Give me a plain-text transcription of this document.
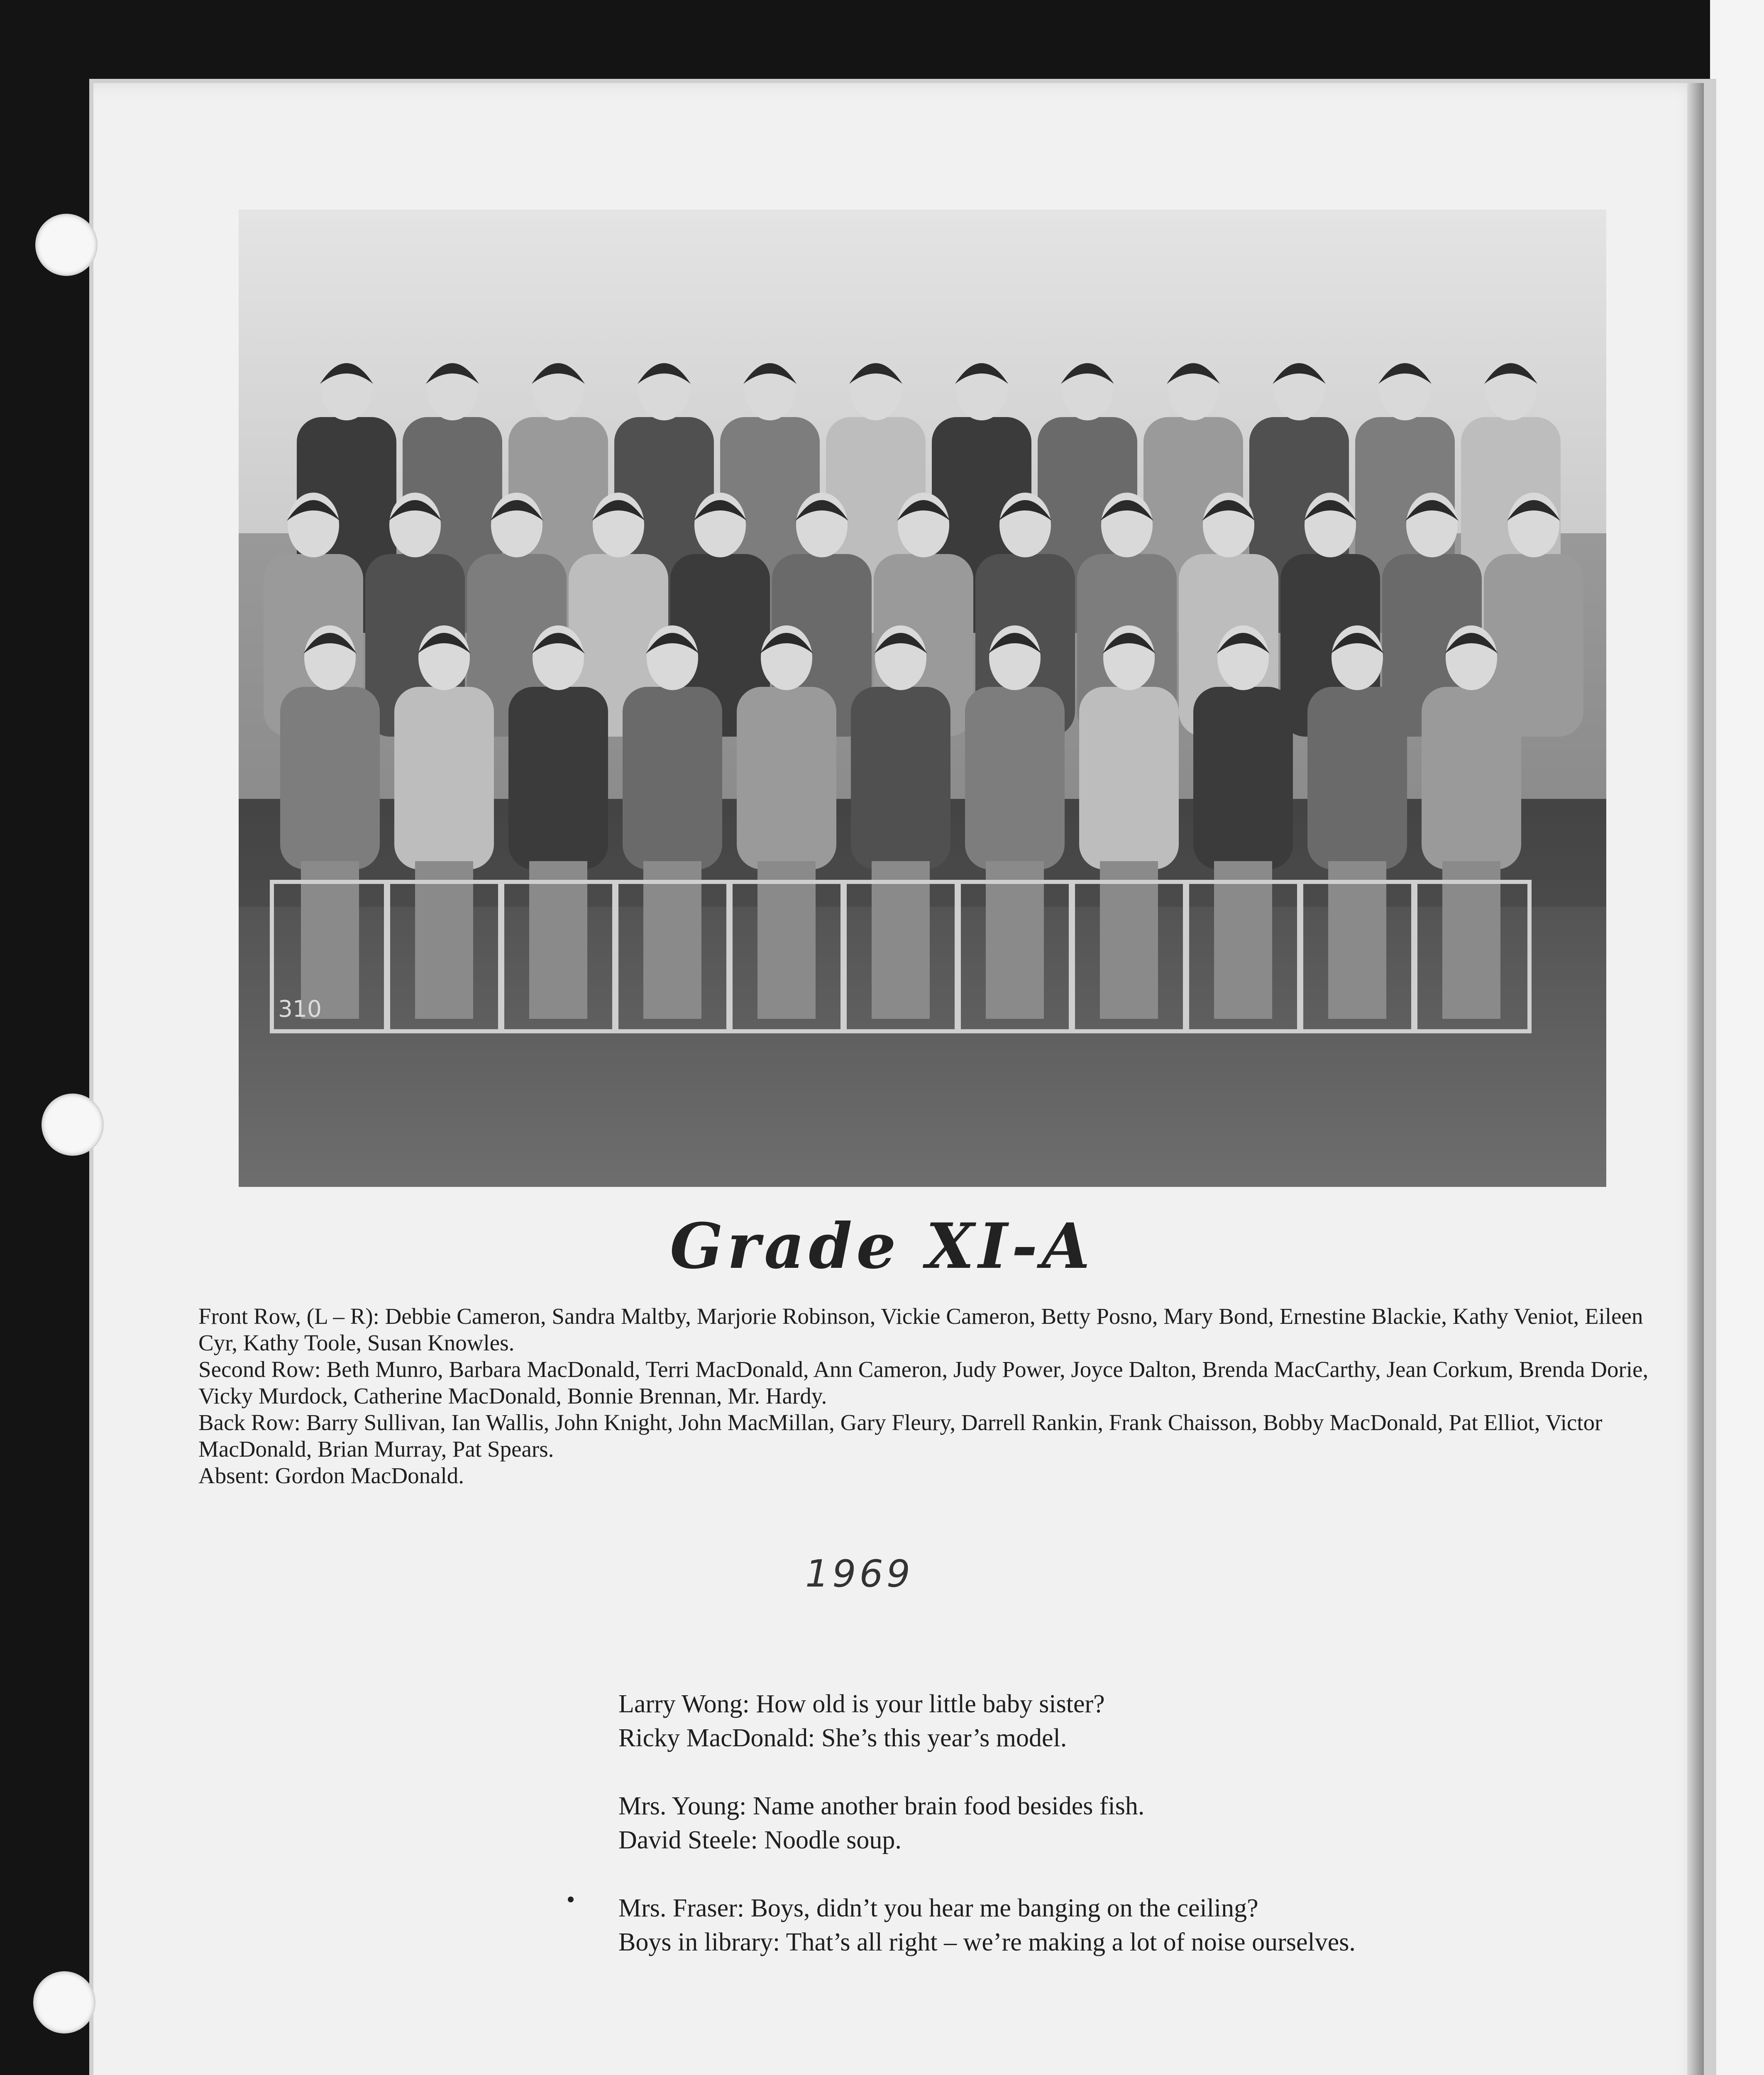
310
Grade XI-A

Front Row, (L – R): Debbie Cameron, Sandra Maltby, Marjorie Robinson, Vickie Cameron, Betty Posno, Mary Bond, Ernestine Blackie, Kathy Veniot, Eileen Cyr, Kathy Toole, Susan Knowles.

Second Row: Beth Munro, Barbara MacDonald, Terri MacDonald, Ann Cameron, Judy Power, Joyce Dalton, Brenda MacCarthy, Jean Corkum, Brenda Dorie, Vicky Murdock, Catherine MacDonald, Bonnie Brennan, Mr. Hardy.

Back Row: Barry Sullivan, Ian Wallis, John Knight, John MacMillan, Gary Fleury, Darrell Rankin, Frank Chaisson, Bobby MacDonald, Pat Elliot, Victor MacDonald, Brian Murray, Pat Spears.

Absent: Gordon MacDonald.

1969

Larry Wong: How old is your little baby sister?

Ricky MacDonald: She’s this year’s model.

Mrs. Young: Name another brain food besides fish.

David Steele: Noodle soup.

Mrs. Fraser: Boys, didn’t you hear me banging on the ceiling?

Boys in library: That’s all right – we’re making a lot of noise ourselves.
